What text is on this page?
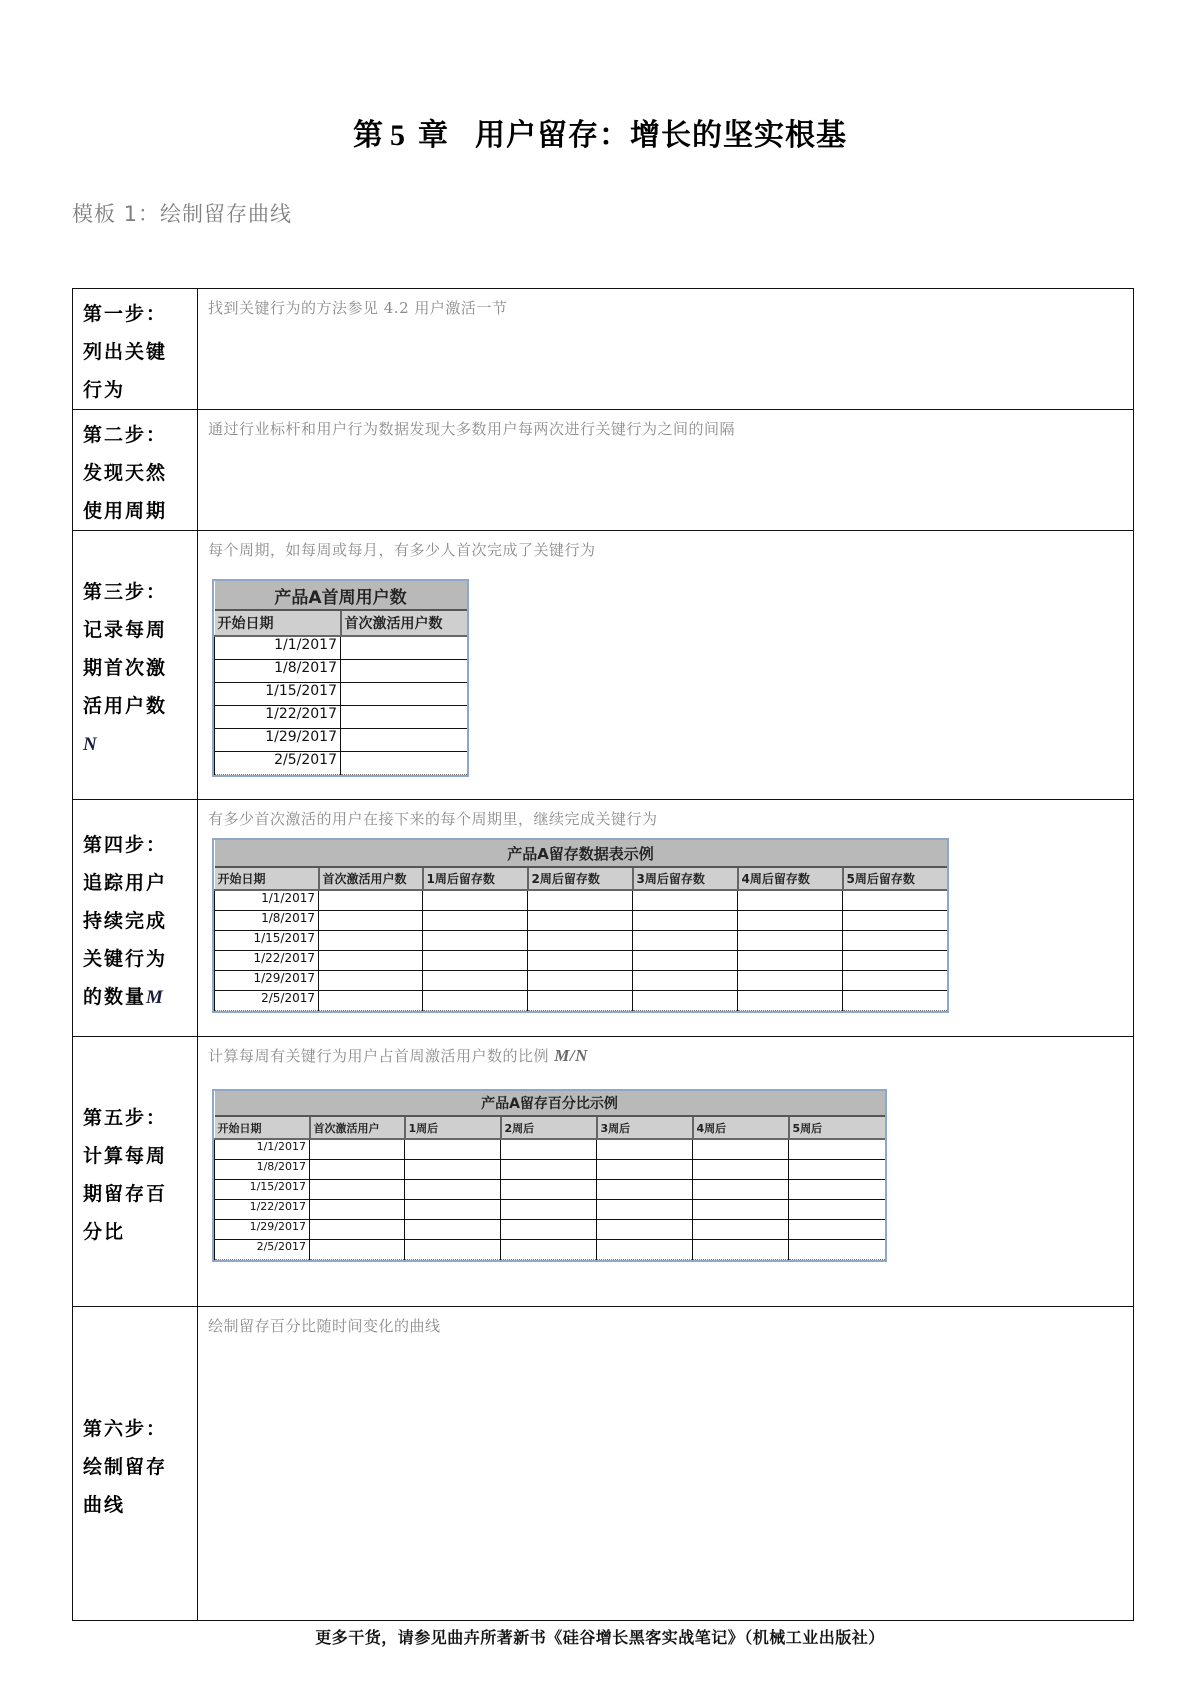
第 5 章 用户留存：增长的坚实根基
模板 1：绘制留存曲线
第一步：
列出关键
行为

找到关键行为的方法参见 4.2 用户激活一节

第二步：
发现天然
使用周期

通过行业标杆和用户行为数据发现大多数用户每两次进行关键行为之间的间隔

第三步：
记录每周
期首次激
活用户数
N

每个周期，如每周或每月，有多少人首次完成了关键行为
产品A首周用户数
开始日期	首次激活用户数
1/1/2017	
1/8/2017	
1/15/2017	
1/22/2017	
1/29/2017	
2/5/2017	

第四步：
追踪用户
持续完成
关键行为
的数量M

有多少首次激活的用户在接下来的每个周期里，继续完成关键行为
产品A留存数据表示例
开始日期	首次激活用户数	1周后留存数	2周后留存数	3周后留存数	4周后留存数	5周后留存数
1/1/2017						
1/8/2017						
1/15/2017						
1/22/2017						
1/29/2017						
2/5/2017						

第五步：
计算每周
期留存百
分比

计算每周有关键行为用户占首周激活用户数的比例 M/N
产品A留存百分比示例
开始日期	首次激活用户	1周后	2周后	3周后	4周后	5周后
1/1/2017						
1/8/2017						
1/15/2017						
1/22/2017						
1/29/2017						
2/5/2017						

第六步：
绘制留存
曲线

绘制留存百分比随时间变化的曲线
更多干货，请参见曲卉所著新书《硅谷增长黑客实战笔记》（机械工业出版社）
